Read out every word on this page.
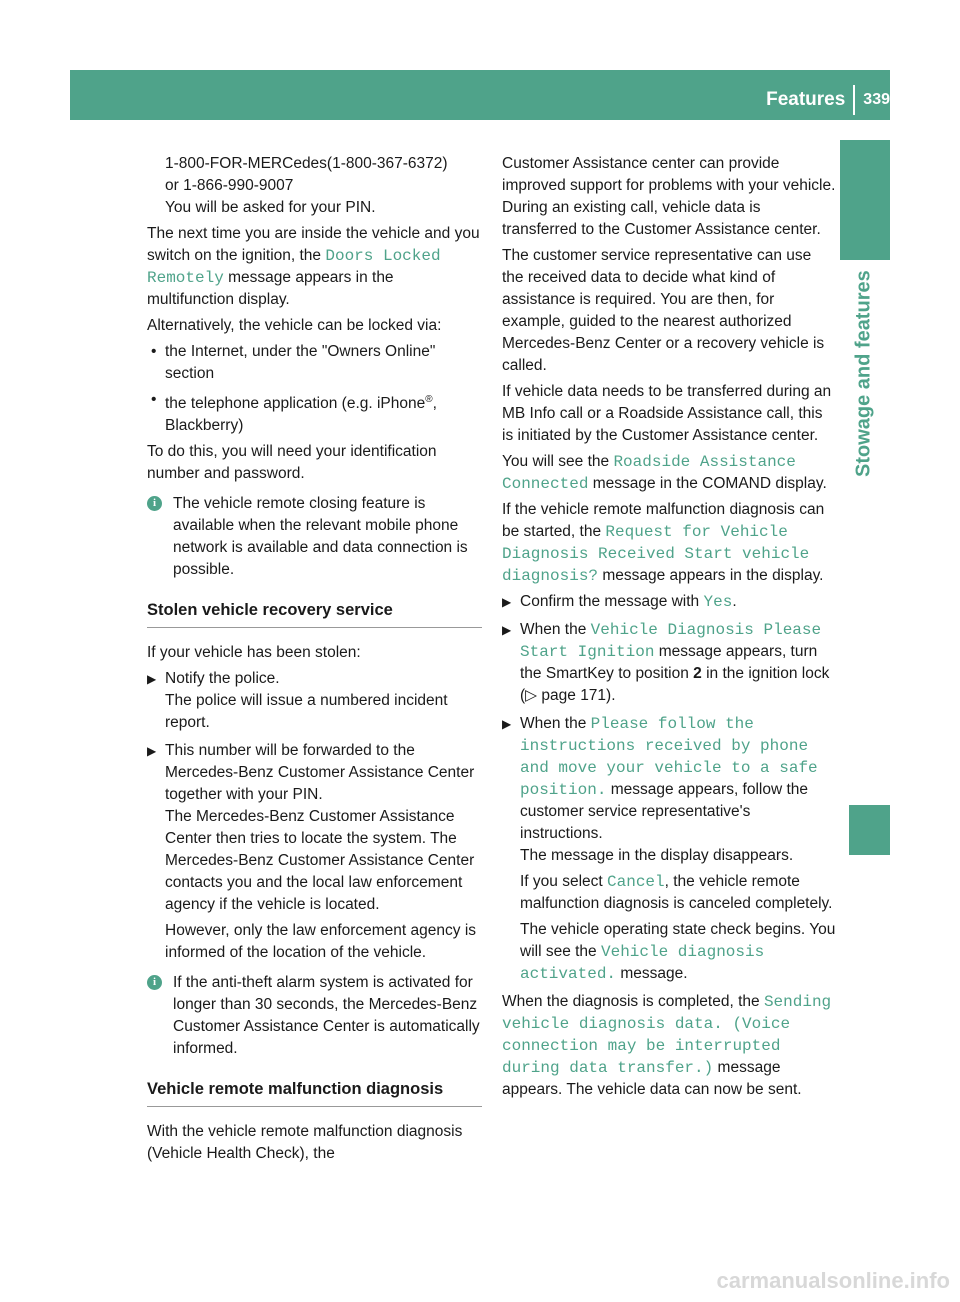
Features	339
Stowage and features

1-800-FOR-MERCedes(1-800-367-6372)
or 1-866-990-9007
You will be asked for your PIN.

The next time you are inside the vehicle and you switch on the ignition, the Doors Locked Remotely message appears in the multifunction display.

Alternatively, the vehicle can be locked via:

• the Internet, under the "Owners Online" section
• the telephone application (e.g. iPhone®, Blackberry)

To do this, you will need your identification number and password.

i	The vehicle remote closing feature is available when the relevant mobile phone network is available and data connection is possible.
Stolen vehicle recovery service

If your vehicle has been stolen:

▶ Notify the police.
The police will issue a numbered incident report.
▶ This number will be forwarded to the Mercedes-Benz Customer Assistance Center together with your PIN.
The Mercedes-Benz Customer Assistance Center then tries to locate the system. The Mercedes-Benz Customer Assistance Center contacts you and the local law enforcement agency if the vehicle is located.
However, only the law enforcement agency is informed of the location of the vehicle.
i	If the anti-theft alarm system is activated for longer than 30 seconds, the Mercedes-Benz Customer Assistance Center is automatically informed.
Vehicle remote malfunction diagnosis

With the vehicle remote malfunction diagnosis (Vehicle Health Check), the

Customer Assistance center can provide improved support for problems with your vehicle. During an existing call, vehicle data is transferred to the Customer Assistance center.

The customer service representative can use the received data to decide what kind of assistance is required. You are then, for example, guided to the nearest authorized Mercedes-Benz Center or a recovery vehicle is called.

If vehicle data needs to be transferred during an MB Info call or a Roadside Assistance call, this is initiated by the Customer Assistance center.

You will see the Roadside Assistance Connected message in the COMAND display.

If the vehicle remote malfunction diagnosis can be started, the Request for Vehicle Diagnosis Received Start vehicle diagnosis? message appears in the display.

▶ Confirm the message with Yes.
▶ When the Vehicle Diagnosis Please Start Ignition message appears, turn the SmartKey to position 2 in the ignition lock (▷ page 171).
▶ When the Please follow the instructions received by phone and move your vehicle to a safe position. message appears, follow the customer service representative's instructions.
The message in the display disappears.
If you select Cancel, the vehicle remote malfunction diagnosis is canceled completely.
The vehicle operating state check begins. You will see the Vehicle diagnosis activated. message.

When the diagnosis is completed, the Sending vehicle diagnosis data. (Voice connection may be interrupted during data transfer.) message appears. The vehicle data can now be sent.

carmanualsonline.info
